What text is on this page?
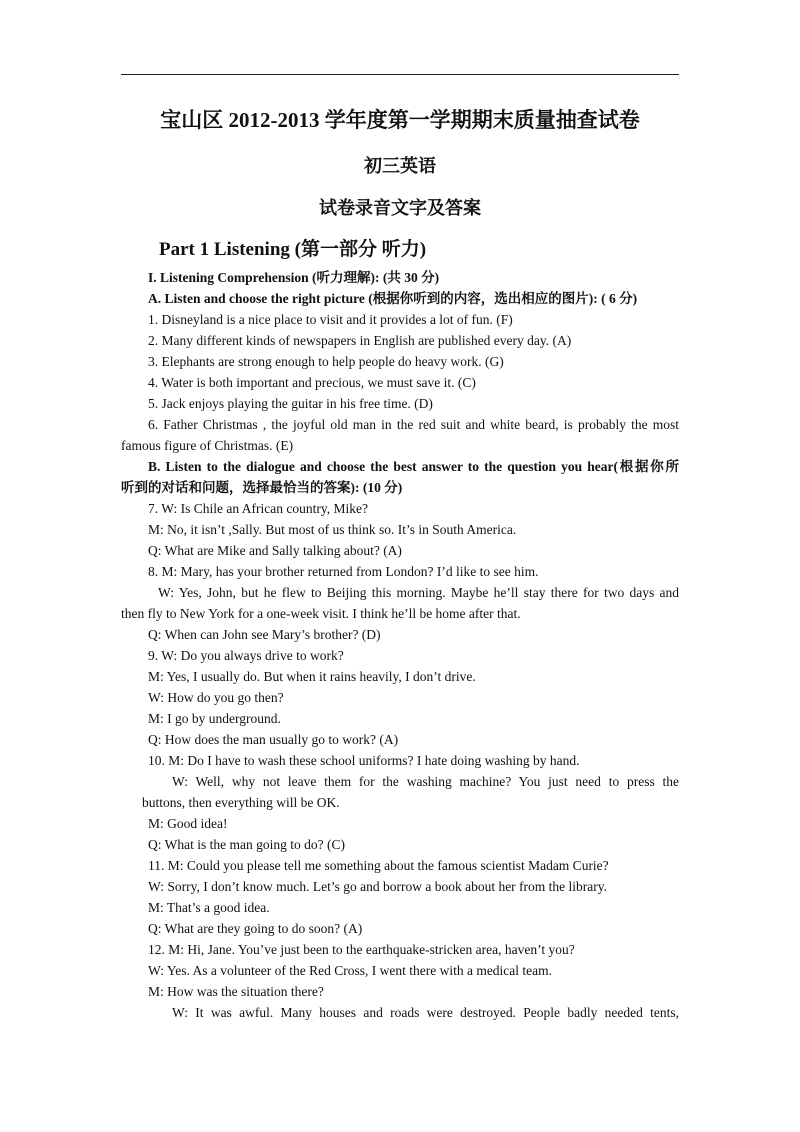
宝山区 2012-2013 学年度第一学期期末质量抽查试卷
初三英语
试卷录音文字及答案
Part 1 Listening (第一部分 听力)
I. Listening Comprehension (听力理解): (共 30 分)
A. Listen and choose the right picture (根据你听到的内容，选出相应的图片): ( 6 分)
1. Disneyland is a nice place to visit and it provides a lot of fun. (F)
2. Many different kinds of newspapers in English are published every day. (A)
3. Elephants are strong enough to help people do heavy work. (G)
4. Water is both important and precious, we must save it. (C)
5. Jack enjoys playing the guitar in his free time. (D)
6. Father Christmas , the joyful old man in the red suit and white beard, is probably the most
famous figure of Christmas. (E)
B. Listen to the dialogue and choose the best answer to the question you hear(根据你所
听到的对话和问题，选择最恰当的答案): (10 分)
7. W: Is Chile an African country, Mike?
M: No, it isn’t ,Sally. But most of us think so. It’s in South America.
Q: What are Mike and Sally talking about? (A)
8. M: Mary, has your brother returned from London? I’d like to see him.
W: Yes, John, but he flew to Beijing this morning. Maybe he’ll stay there for two days and
then fly to New York for a one-week visit. I think he’ll be home after that.
Q: When can John see Mary’s brother? (D)
9. W: Do you always drive to work?
M: Yes, I usually do. But when it rains heavily, I don’t drive.
W: How do you go then?
M: I go by underground.
Q: How does the man usually go to work? (A)
10. M: Do I have to wash these school uniforms? I hate doing washing by hand.
W: Well, why not leave them for the washing machine? You just need to press the
buttons, then everything will be OK.
M: Good idea!
Q: What is the man going to do? (C)
11. M: Could you please tell me something about the famous scientist Madam Curie?
W: Sorry, I don’t know much. Let’s go and borrow a book about her from the library.
M: That’s a good idea.
Q: What are they going to do soon? (A)
12. M: Hi, Jane. You’ve just been to the earthquake-stricken area, haven’t you?
W: Yes. As a volunteer of the Red Cross, I went there with a medical team.
M: How was the situation there?
W: It was awful. Many houses and roads were destroyed. People badly needed tents,
